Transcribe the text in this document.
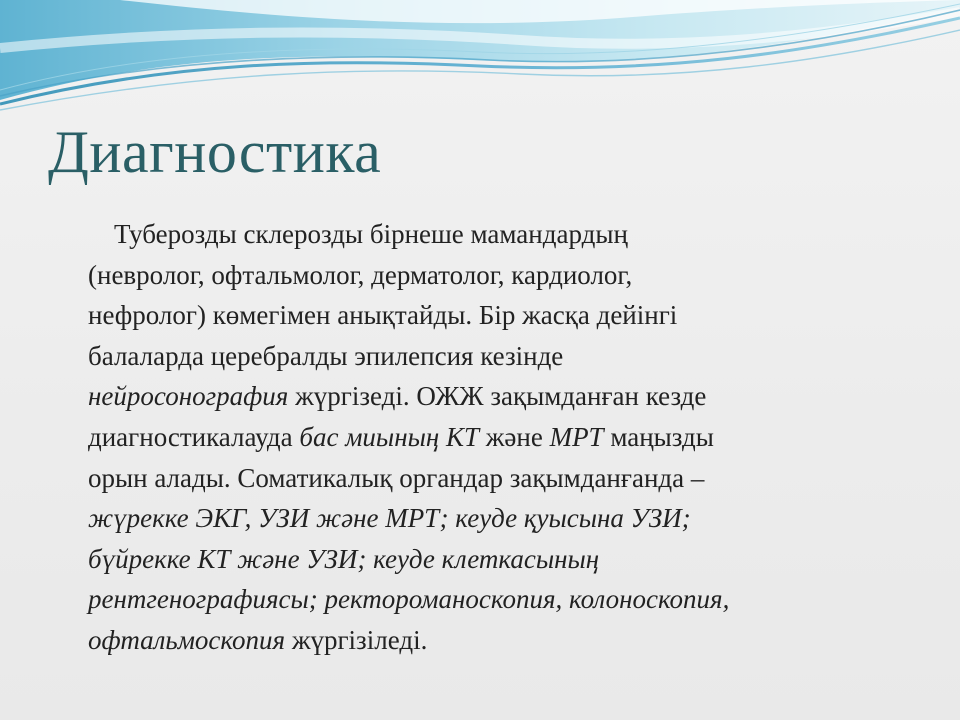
Диагностика
Туберозды склерозды бірнеше мамандардың
(невролог, офтальмолог, дерматолог, кардиолог,
нефролог) көмегімен анықтайды. Бір жасқа дейінгі
балаларда церебралды эпилепсия кезінде
нейросонография жүргізеді. ОЖЖ зақымданған кезде
диагностикалауда бас миының КТ және МРТ маңызды
орын алады. Соматикалық органдар зақымданғанда –
жүрекке ЭКГ, УЗИ және МРТ; кеуде қуысына УЗИ;
бүйрекке КТ және УЗИ; кеуде клеткасының
рентгенографиясы; ректороманоскопия, колоноскопия,
офтальмоскопия жүргізіледі.
